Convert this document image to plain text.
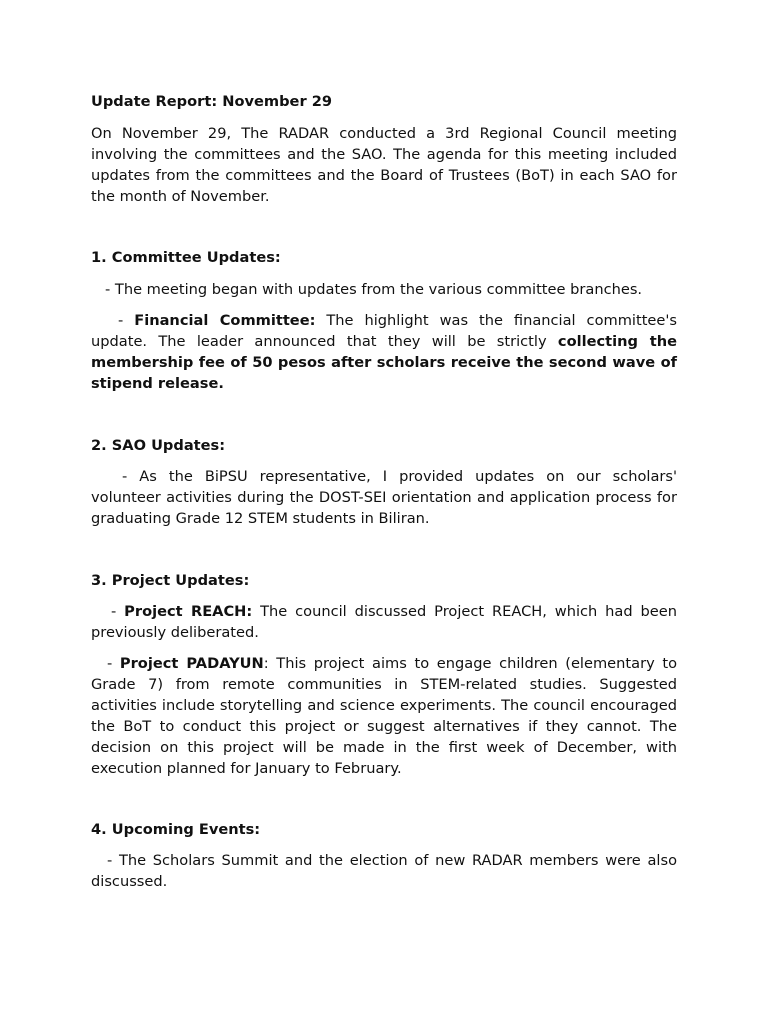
Update Report: November 29

On November 29, The RADAR conducted a 3rd Regional Council meeting involving the committees and the SAO. The agenda for this meeting included updates from the committees and the Board of Trustees (BoT) in each SAO for the month of November.

1. Committee Updates:

- The meeting began with updates from the various committee branches.

- Financial Committee: The highlight was the financial committee's update. The leader announced that they will be strictly collecting the membership fee of 50 pesos after scholars receive the second wave of stipend release.

2. SAO Updates:

- As the BiPSU representative, I provided updates on our scholars' volunteer activities during the DOST-SEI orientation and application process for graduating Grade 12 STEM students in Biliran.

3. Project Updates:

- Project REACH: The council discussed Project REACH, which had been previously deliberated.

- Project PADAYUN: This project aims to engage children (elementary to Grade 7) from remote communities in STEM-related studies. Suggested activities include storytelling and science experiments. The council encouraged the BoT to conduct this project or suggest alternatives if they cannot. The decision on this project will be made in the first week of December, with execution planned for January to February.

4. Upcoming Events:

- The Scholars Summit and the election of new RADAR members were also discussed.
